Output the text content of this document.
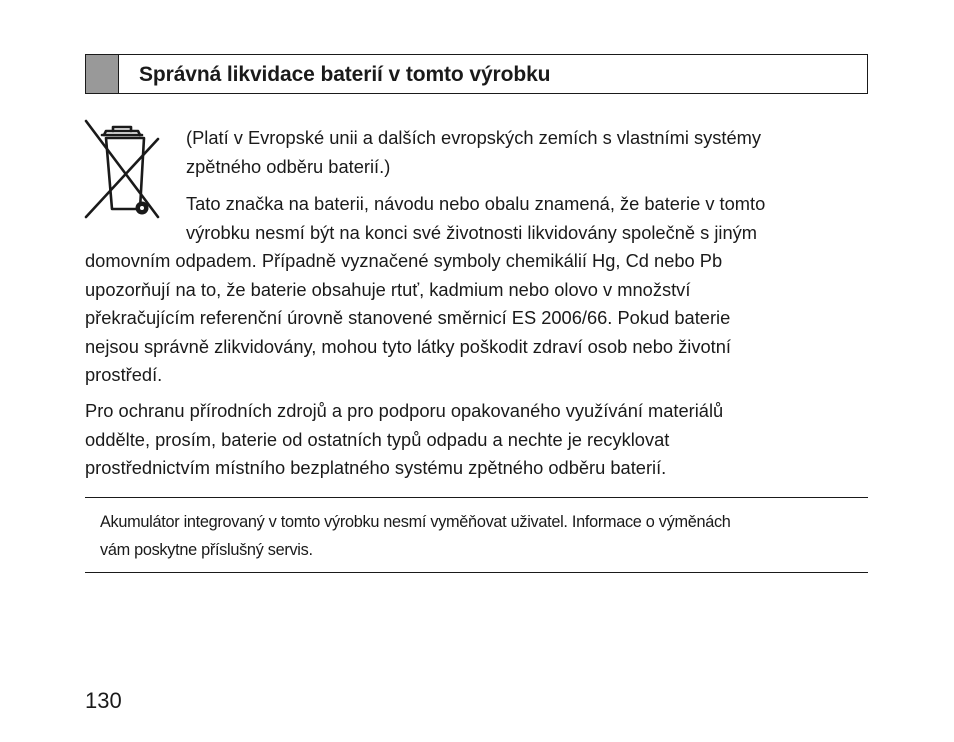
Správná likvidace baterií v tomto výrobku
(Platí v Evropské unii a dalších evropských zemích s vlastními systémy
zpětného odběru baterií.)
Tato značka na baterii, návodu nebo obalu znamená, že baterie v tomto
výrobku nesmí být na konci své životnosti likvidovány společně s jiným
domovním odpadem. Případně vyznačené symboly chemikálií Hg, Cd nebo Pb
upozorňují na to, že baterie obsahuje rtuť, kadmium nebo olovo v množství
překračujícím referenční úrovně stanovené směrnicí ES 2006/66. Pokud baterie
nejsou správně zlikvidovány, mohou tyto látky poškodit zdraví osob nebo životní
prostředí.
Pro ochranu přírodních zdrojů a pro podporu opakovaného využívání materiálů
oddělte, prosím, baterie od ostatních typů odpadu a nechte je recyklovat
prostřednictvím místního bezplatného systému zpětného odběru baterií.
Akumulátor integrovaný v tomto výrobku nesmí vyměňovat uživatel. Informace o výměnách
vám poskytne příslušný servis.
130
